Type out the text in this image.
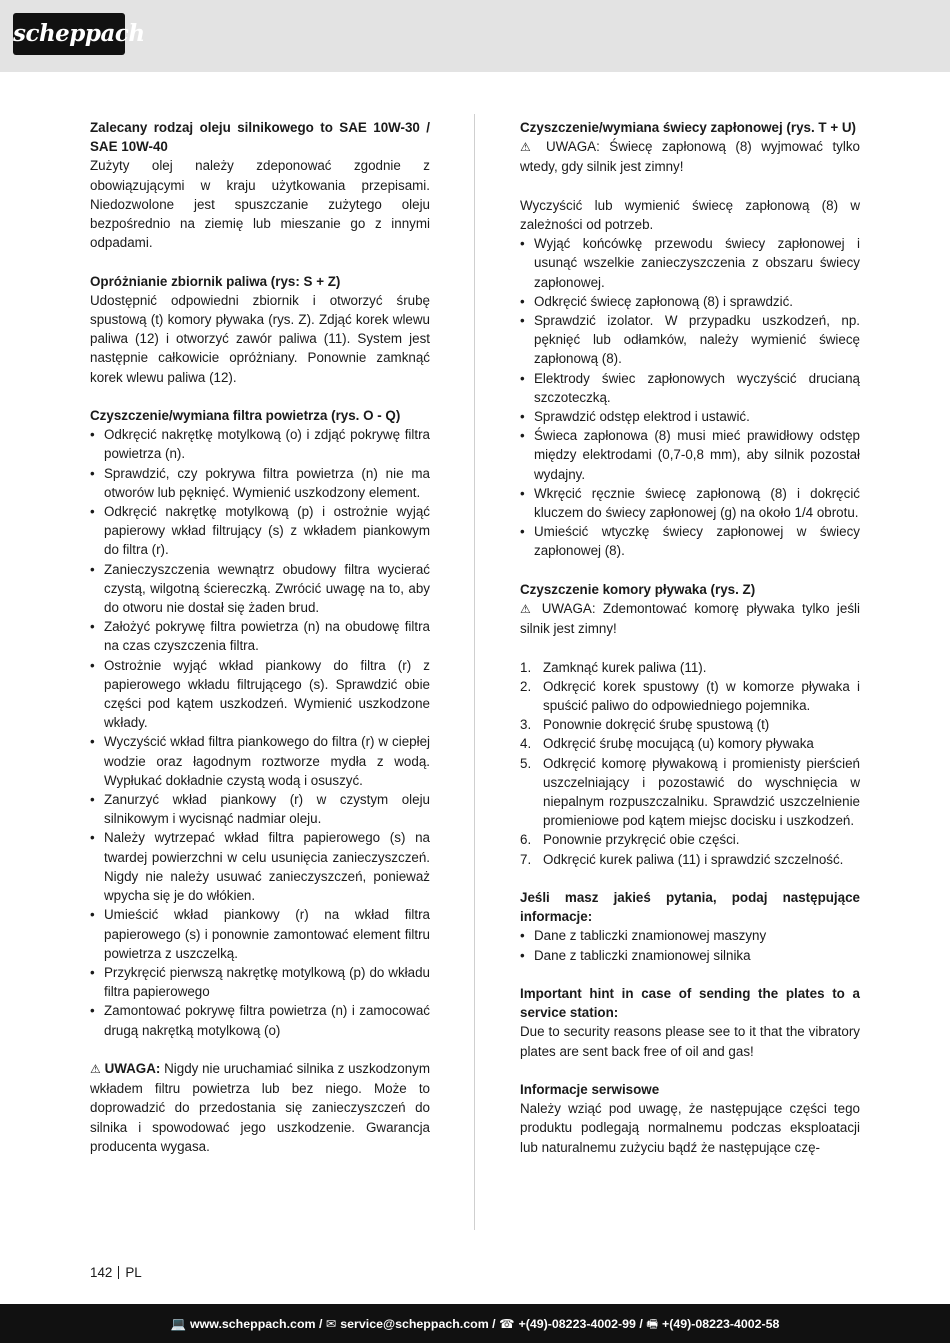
scheppach

Zalecany rodzaj oleju silnikowego to SAE 10W-30 / SAE 10W-40

Zużyty olej należy zdeponować zgodnie z obowiązującymi w kraju użytkowania przepisami. Niedozwolone jest spuszczanie zużytego oleju bezpośrednio na ziemię lub mieszanie go z innymi odpadami.

Opróżnianie zbiornik paliwa (rys: S + Z)

Udostępnić odpowiedni zbiornik i otworzyć śrubę spustową (t) komory pływaka (rys. Z). Zdjąć korek wlewu paliwa (12) i otworzyć zawór paliwa (11). System jest następnie całkowicie opróżniany. Ponownie zamknąć korek wlewu paliwa (12).

Czyszczenie/wymiana filtra powietrza (rys. O - Q)

• Odkręcić nakrętkę motylkową (o) i zdjąć pokrywę filtra powietrza (n).
• Sprawdzić, czy pokrywa filtra powietrza (n) nie ma otworów lub pęknięć. Wymienić uszkodzony element.
• Odkręcić nakrętkę motylkową (p) i ostrożnie wyjąć papierowy wkład filtrujący (s) z wkładem piankowym do filtra (r).
• Zanieczyszczenia wewnątrz obudowy filtra wycierać czystą, wilgotną ściereczką. Zwrócić uwagę na to, aby do otworu nie dostał się żaden brud.
• Założyć pokrywę filtra powietrza (n) na obudowę filtra na czas czyszczenia filtra.
• Ostrożnie wyjąć wkład piankowy do filtra (r) z papierowego wkładu filtrującego (s). Sprawdzić obie części pod kątem uszkodzeń. Wymienić uszkodzone wkłady.
• Wyczyścić wkład filtra piankowego do filtra (r) w ciepłej wodzie oraz łagodnym roztworze mydła z wodą. Wypłukać dokładnie czystą wodą i osuszyć.
• Zanurzyć wkład piankowy (r) w czystym oleju silnikowym i wycisnąć nadmiar oleju.
• Należy wytrzepać wkład filtra papierowego (s) na twardej powierzchni w celu usunięcia zanieczyszczeń. Nigdy nie należy usuwać zanieczyszczeń, ponieważ wpycha się je do włókien.
• Umieścić wkład piankowy (r) na wkład filtra papierowego (s) i ponownie zamontować element filtru powietrza z uszczelką.
• Przykręcić pierwszą nakrętkę motylkową (p) do wkładu filtra papierowego
• Zamontować pokrywę filtra powietrza (n) i zamocować drugą nakrętką motylkową (o)

⚠ UWAGA: Nigdy nie uruchamiać silnika z uszkodzonym wkładem filtru powietrza lub bez niego. Może to doprowadzić do przedostania się zanieczyszczeń do silnika i spowodować jego uszkodzenie. Gwarancja producenta wygasa.

Czyszczenie/wymiana świecy zapłonowej (rys. T + U)

⚠ UWAGA: Świecę zapłonową (8) wyjmować tylko wtedy, gdy silnik jest zimny!

Wyczyścić lub wymienić świecę zapłonową (8) w zależności od potrzeb.

• Wyjąć końcówkę przewodu świecy zapłonowej i usunąć wszelkie zanieczyszczenia z obszaru świecy zapłonowej.
• Odkręcić świecę zapłonową (8) i sprawdzić.
• Sprawdzić izolator. W przypadku uszkodzeń, np. pęknięć lub odłamków, należy wymienić świecę zapłonową (8).
• Elektrody świec zapłonowych wyczyścić drucianą szczoteczką.
• Sprawdzić odstęp elektrod i ustawić.
• Świeca zapłonowa (8) musi mieć prawidłowy odstęp między elektrodami (0,7-0,8 mm), aby silnik pozostał wydajny.
• Wkręcić ręcznie świecę zapłonową (8) i dokręcić kluczem do świecy zapłonowej (g) na około 1/4 obrotu.
• Umieścić wtyczkę świecy zapłonowej w świecy zapłonowej (8).

Czyszczenie komory pływaka (rys. Z)

⚠ UWAGA: Zdemontować komorę pływaka tylko jeśli silnik jest zimny!

1. Zamknąć kurek paliwa (11).
2. Odkręcić korek spustowy (t) w komorze pływaka i spuścić paliwo do odpowiedniego pojemnika.
3. Ponownie dokręcić śrubę spustową (t)
4. Odkręcić śrubę mocującą (u) komory pływaka
5. Odkręcić komorę pływakową i promienisty pierścień uszczelniający i pozostawić do wyschnięcia w niepalnym rozpuszczalniku. Sprawdzić uszczelnienie promieniowe pod kątem miejsc docisku i uszkodzeń.
6. Ponownie przykręcić obie części.
7. Odkręcić kurek paliwa (11) i sprawdzić szczelność.

Jeśli masz jakieś pytania, podaj następujące informacje:

• Dane z tabliczki znamionowej maszyny
• Dane z tabliczki znamionowej silnika

Important hint in case of sending the plates to a service station:

Due to security reasons please see to it that the vibratory plates are sent back free of oil and gas!

Informacje serwisowe

Należy wziąć pod uwagę, że następujące części tego produktu podlegają normalnemu podczas eksploatacji lub naturalnemu zużyciu bądź że następujące czę-

142 PL
💻 www.scheppach.com / ✉ service@scheppach.com / ☎ +(49)-08223-4002-99 / 🖷 +(49)-08223-4002-58
